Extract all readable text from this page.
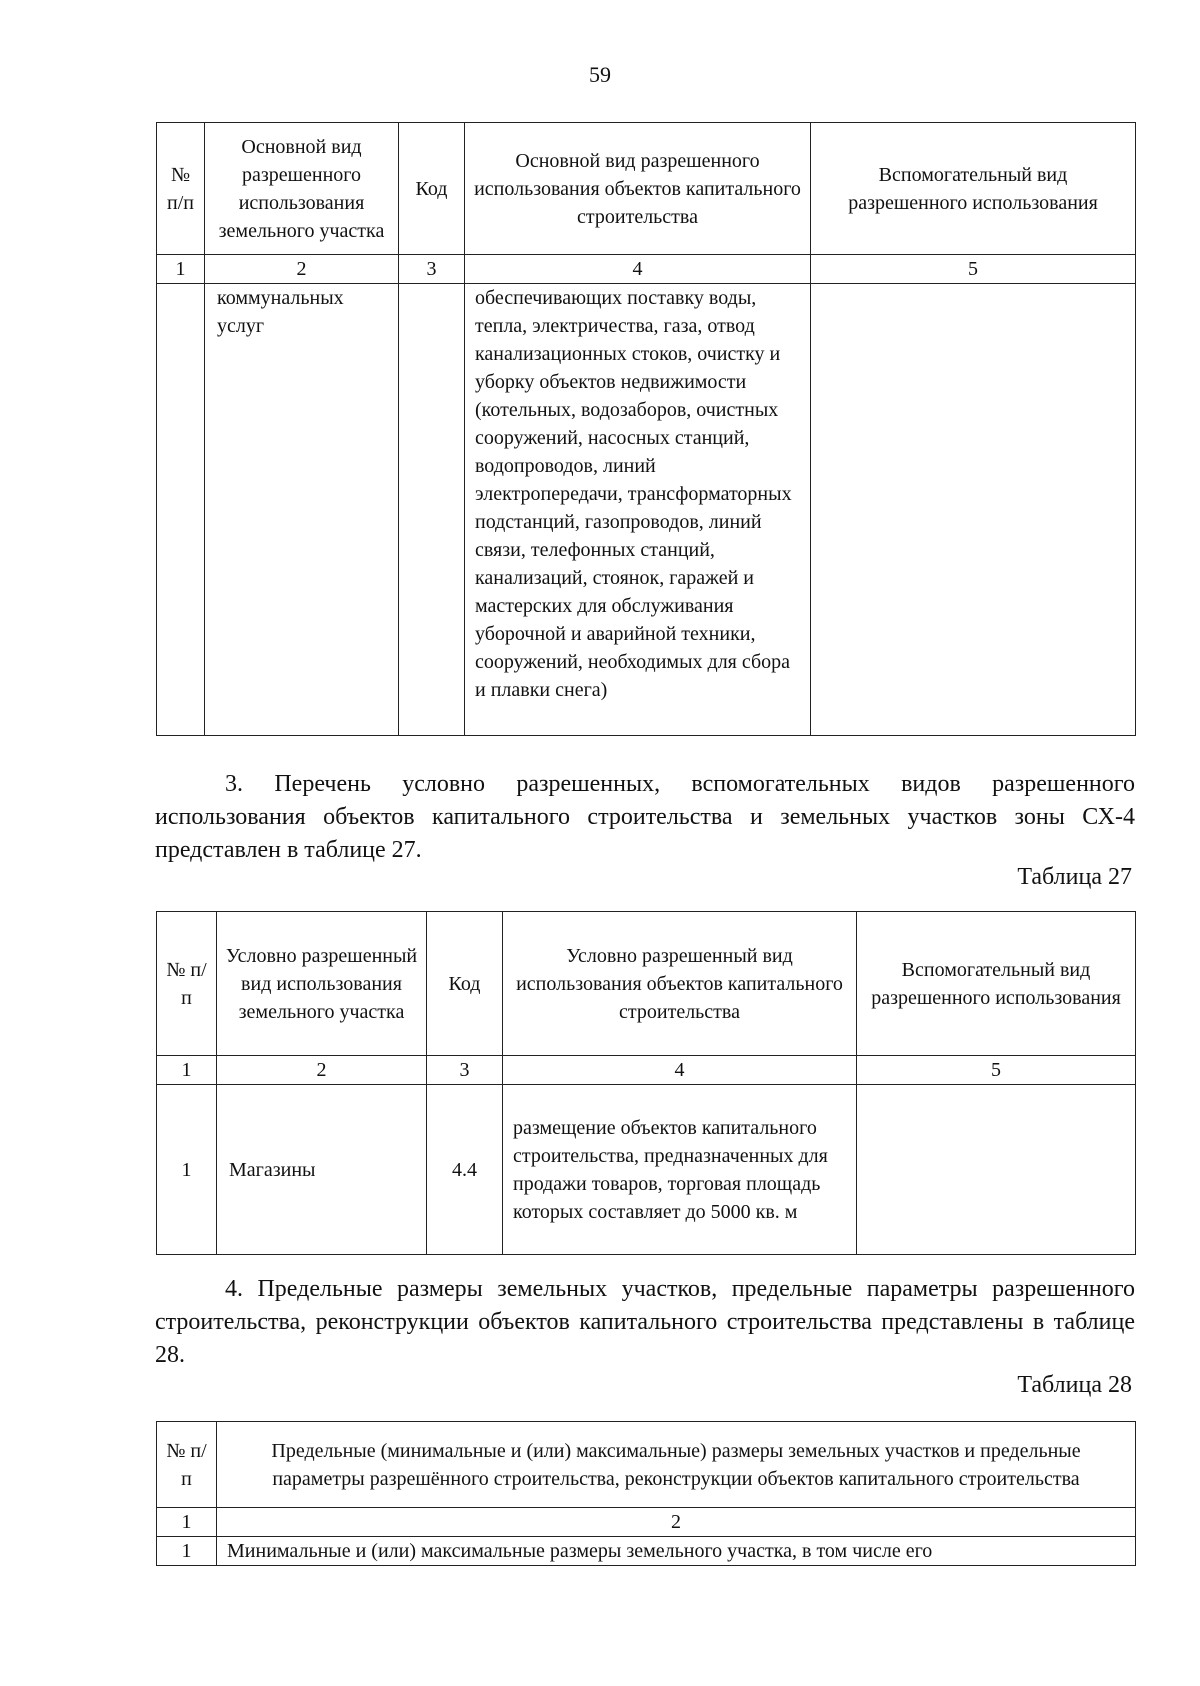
59
№ п/п	Основной вид разрешенного использования земельного участка	Код	Основной вид разрешенного использования объектов капитального строительства	Вспомогательный вид разрешенного использования
1	2	3	4	5
	коммунальных услуг		обеспечивающих поставку воды, тепла, электричества, газа, отвод канализационных стоков, очистку и уборку объектов недвижимости (котельных, водозаборов, очистных сооружений, насосных станций, водопроводов, линий электропередачи, трансформаторных подстанций, газопроводов, линий связи, телефонных станций, канализаций, стоянок, гаражей и мастерских для обслуживания уборочной и аварийной техники, сооружений, необходимых для сбора и плавки снега)	
3. Перечень условно разрешенных, вспомогательных видов разрешенного использования объектов капитального строительства и земельных участков зоны СХ-4 представлен в таблице 27.
Таблица 27
№ п/п	Условно разрешенный вид использования земельного участка	Код	Условно разрешенный вид использования объектов капитального строительства	Вспомогательный вид разрешенного использования
1	2	3	4	5
1	Магазины	4.4	размещение объектов капитального строительства, предназначенных для продажи товаров, торговая площадь которых составляет до 5000 кв. м	
4. Предельные размеры земельных участков, предельные параметры разрешенного строительства, реконструкции объектов капитального строительства представлены в таблице 28.
Таблица 28
№ п/п	Предельные (минимальные и (или) максимальные) размеры земельных участков и предельные параметры разрешённого строительства, реконструкции объектов капитального строительства
1	2
1	Минимальные и (или) максимальные размеры земельного участка, в том числе его
